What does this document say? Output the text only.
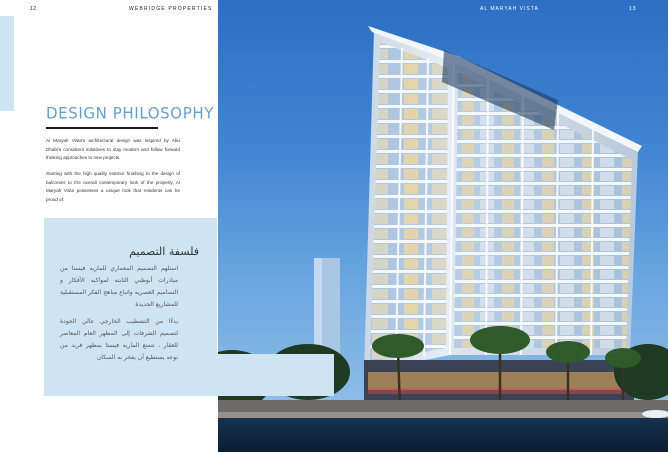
12	WEBRIDGE PROPERTIES
DESIGN PHILOSOPHY
Al Maryah Vista's architectural design was inspired by Abu Dhabi's consistent initiatives to stay modern and follow forward thinking approaches to new projects.
Starting with the high quality exterior finishing to the design of balconies to the overall contemporary look of the property, Al Maryah Vista possesses a unique look that residents can be proud of.
AL MARYAH VISTA	13
فلسفة التصميم
استلهم التصميم المعماري للماريه فيستا من مبادرات أبوظبي الثابته لمواكبه الأفكار و التصاميم العصريه واتباع مناهج الفكر المستقبلية للمشاريع الجديدة
بدءًا من التشطيب الخارجي عالي الجودة لتصميم الشرفات إلى المظهر العام المعاصر للعقار ، تتمتع الماريه فيستا بمظهر فريد من نوعه يستطيع أن يفخر به السكان
